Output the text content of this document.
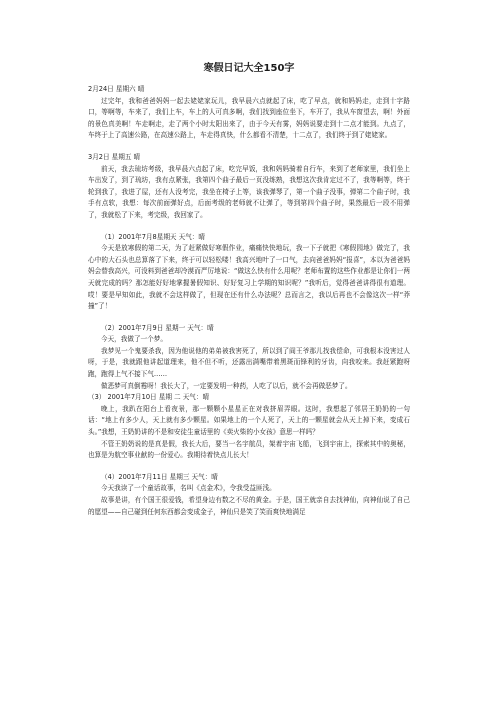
寒假日记大全150字

2月24日 星期六 晴

过完年，我和爸爸妈妈一起去姥姥家玩儿，我早晨六点就起了床，吃了早点，就和妈妈走，走到十字路口，等啊等，车来了，我们上车，车上的人可真多啊，我们找到座位坐下，车开了，我从车窗望去，啊！外面的景色真美啊！车走啊走，走了两个小时太阳出来了，由于今天有雾，妈妈说要走到十二点才能到。九点了，车终于上了高速公路，在高速公路上，车走得真快，什么都看不清楚，十二点了，我们终于到了姥姥家。

3月2日 星期五 晴

前天，我去琉坊考级，我早晨六点起了床，吃完早饭，我和妈妈骑着自行车，来到了老师家里，我们坐上车出发了，到了琉坊，我有点紧张，我第四个曲子最后一页没练熟，我想这次我肯定过不了，我等啊等，终于轮到我了，我进了屋，还有人没考完，我坐在椅子上等，该我弹琴了，第一个曲子没事，弹第二个曲子时，我手有点软，我想：每次前面弹好点，后面考级的老师就不让弹了，等到第四个曲子时，果然最后一段不用弹了，我就松了下来，考完级，我回家了。

（1）2001年7月8星期天 天气：晴

今天是放寒假的第二天，为了赶紧做好寒假作业，痛痛快快地玩，我一下子就把《寒假园地》做完了，我心中的大石头也总算落了下来，终于可以轻松喽！我高兴地叶了一口气，去向爸爸妈妈“报喜”，本以为爸爸妈妈会替我高兴，可没料到爸爸却冷漠而严厉地说：“做这么快有什么用呢？老师布置的这些作业都是让你们一两天就完成的吗？那怎能好好地掌握暑假知识、好好复习上学期的知识呢？”我听后，觉得爸爸讲得很有道理。哎！要是早知如此，我就不会这样做了，但现在还有什么办法呢？总而言之，我以后再也不会像这次一样“莽撞”了！

（2）2001年7月9日 星期一 天气：晴

今天，我做了一个梦。

我梦见一个鬼要杀我，因为他说他的弟弟被我害死了，所以到了阎王爷那儿找我偿命，可我根本没害过人呀，于是，我就跟他讲起道理来，他不但不听，还露出满嘴带着黑斑而锋利的牙齿，向我咬来。我赶紧跑呀跑，跑得上气不接下气……

做恶梦可真倒霉呀！我长大了，一定要发明一种药，人吃了以后，就不会再做恶梦了。

（3） 2001年7月10日 星期 二 天气：晴

晚上，我趴在阳台上看夜景，那一颗颗小星星正在对我挤眉弄眼。这时，我想起了邻居王奶奶的一句话：“地上有多少人，天上就有多少颗星。如果地上的一个人死了，天上的一颗星就会从天上掉下来，变成石头。”我想，王奶奶讲的不是和安徒生童话里的《卖火柴的小女孩》意思一样吗？

不管王奶奶说的是真是假，我长大后，要当一名宇航员，架着宇宙飞船，飞到宇宙上，探索其中的奥秘，也算是为航空事业献的一份爱心。我期待着快点儿长大！

（4）2001年7月11日 星期三 天气：晴

今天我读了一个童话故事，名叫《点金术》，令我受益匪浅。

故事是讲，有个国王很爱钱，希望身边有数之不尽的黄金。于是，国王就亲自去找神仙，向神仙说了自己的愿望——自己碰到任何东西都会变成金子，神仙只是笑了笑而爽快地满足
